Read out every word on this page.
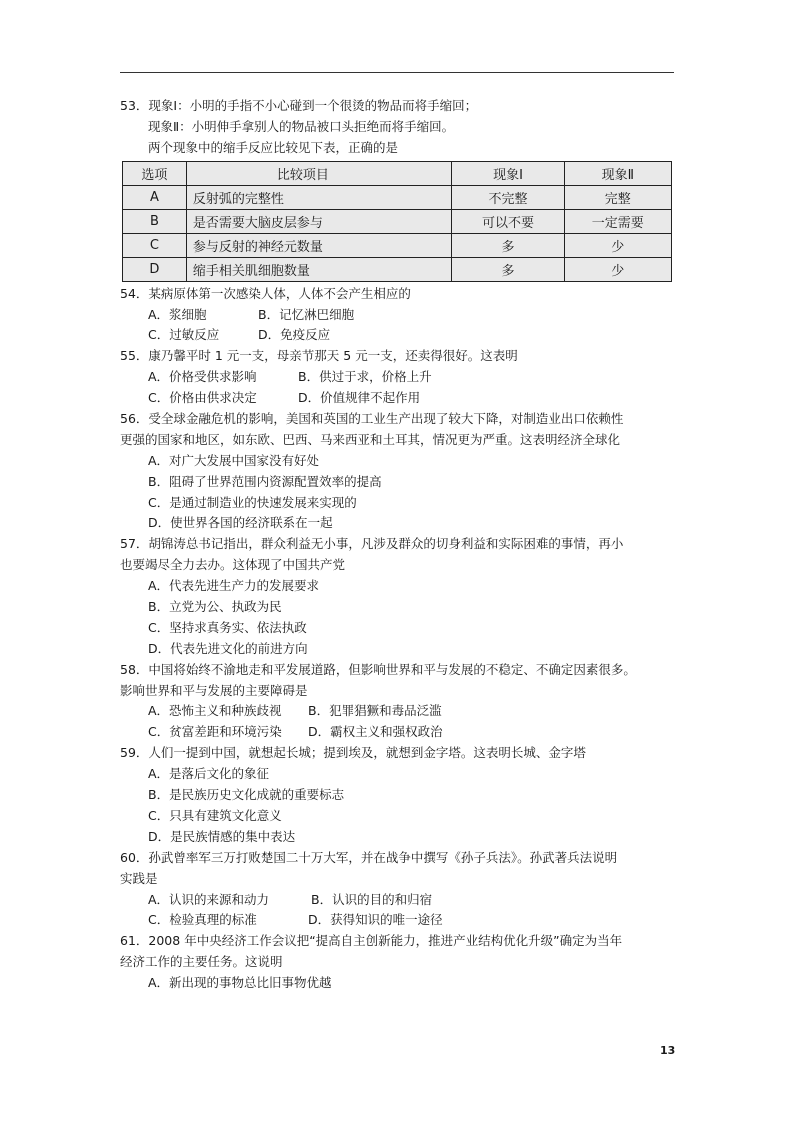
53．现象Ⅰ：小明的手指不小心碰到一个很烫的物品而将手缩回；
现象Ⅱ：小明伸手拿别人的物品被口头拒绝而将手缩回。
两个现象中的缩手反应比较见下表，正确的是
选项	比较项目	现象Ⅰ	现象Ⅱ
A	反射弧的完整性	不完整	完整
B	是否需要大脑皮层参与	可以不要	一定需要
C	参与反射的神经元数量	多	少
D	缩手相关肌细胞数量	多	少
54．某病原体第一次感染人体，人体不会产生相应的
A．浆细胞	B．记忆淋巴细胞
C．过敏反应	D．免疫反应
55．康乃馨平时 1 元一支，母亲节那天 5 元一支，还卖得很好。这表明
A．价格受供求影响	B．供过于求，价格上升
C．价格由供求决定	D．价值规律不起作用
56．受全球金融危机的影响，美国和英国的工业生产出现了较大下降，对制造业出口依赖性
更强的国家和地区，如东欧、巴西、马来西亚和土耳其，情况更为严重。这表明经济全球化
A．对广大发展中国家没有好处
B．阻碍了世界范围内资源配置效率的提高
C．是通过制造业的快速发展来实现的
D．使世界各国的经济联系在一起
57．胡锦涛总书记指出，群众利益无小事，凡涉及群众的切身利益和实际困难的事情，再小
也要竭尽全力去办。这体现了中国共产党
A．代表先进生产力的发展要求
B．立党为公、执政为民
C．坚持求真务实、依法执政
D．代表先进文化的前进方向
58．中国将始终不渝地走和平发展道路，但影响世界和平与发展的不稳定、不确定因素很多。
影响世界和平与发展的主要障碍是
A．恐怖主义和种族歧视 B．犯罪猖獗和毒品泛滥
C．贫富差距和环境污染 D．霸权主义和强权政治
59．人们一提到中国，就想起长城；提到埃及，就想到金字塔。这表明长城、金字塔
A．是落后文化的象征
B．是民族历史文化成就的重要标志
C．只具有建筑文化意义
D．是民族情感的集中表达
60．孙武曾率军三万打败楚国二十万大军，并在战争中撰写《孙子兵法》。孙武著兵法说明
实践是
A．认识的来源和动力	B．认识的目的和归宿
C．检验真理的标准	D．获得知识的唯一途径
61．2008 年中央经济工作会议把“提高自主创新能力，推进产业结构优化升级”确定为当年
经济工作的主要任务。这说明
A．新出现的事物总比旧事物优越
13
